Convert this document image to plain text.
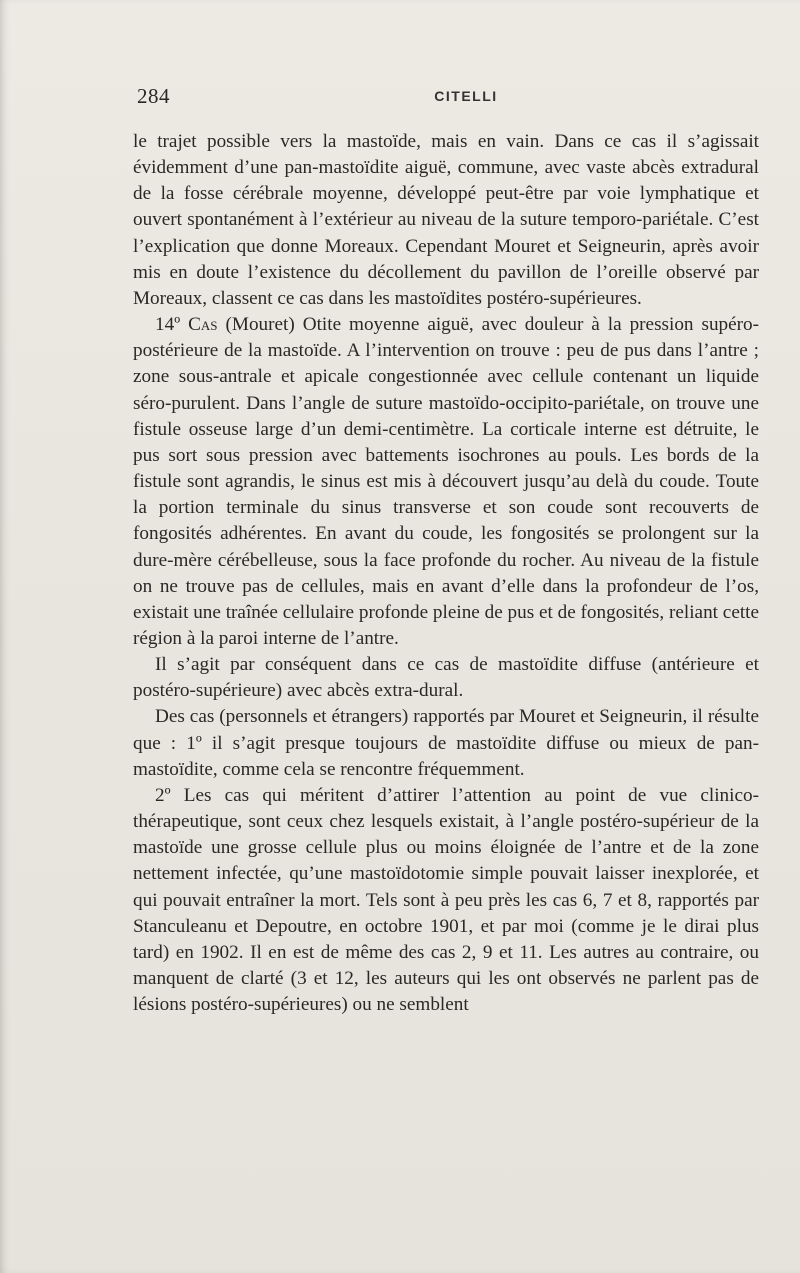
284	CITELLI

le trajet possible vers la mastoïde, mais en vain. Dans ce cas il s’agissait évidemment d’une pan-mastoïdite aiguë, commune, avec vaste abcès extradural de la fosse cérébrale moyenne, développé peut-être par voie lymphatique et ouvert spontanément à l’extérieur au niveau de la suture temporo-pariétale. C’est l’explication que donne Moreaux. Cependant Mouret et Seigneurin, après avoir mis en doute l’existence du décollement du pavillon de l’oreille observé par Moreaux, classent ce cas dans les mastoïdites postéro-supérieures.

14º Cas (Mouret) Otite moyenne aiguë, avec douleur à la pression supéro-postérieure de la mastoïde. A l’intervention on trouve : peu de pus dans l’antre ; zone sous-antrale et apicale congestionnée avec cellule contenant un liquide séro-purulent. Dans l’angle de suture mastoïdo-occipito-pariétale, on trouve une fistule osseuse large d’un demi-centimètre. La corticale interne est détruite, le pus sort sous pression avec battements isochrones au pouls. Les bords de la fistule sont agrandis, le sinus est mis à découvert jusqu’au delà du coude. Toute la portion terminale du sinus transverse et son coude sont recouverts de fongosités adhérentes. En avant du coude, les fongosités se prolongent sur la dure-mère cérébelleuse, sous la face profonde du rocher. Au niveau de la fistule on ne trouve pas de cellules, mais en avant d’elle dans la profondeur de l’os, existait une traînée cellulaire profonde pleine de pus et de fongosités, reliant cette région à la paroi interne de l’antre.

Il s’agit par conséquent dans ce cas de mastoïdite diffuse (antérieure et postéro-supérieure) avec abcès extra-dural.

Des cas (personnels et étrangers) rapportés par Mouret et Seigneurin, il résulte que : 1º il s’agit presque toujours de mastoïdite diffuse ou mieux de pan-mastoïdite, comme cela se rencontre fréquemment.

2º Les cas qui méritent d’attirer l’attention au point de vue clinico-thérapeutique, sont ceux chez lesquels existait, à l’angle postéro-supérieur de la mastoïde une grosse cellule plus ou moins éloignée de l’antre et de la zone nettement infectée, qu’une mastoïdotomie simple pouvait laisser inexplorée, et qui pouvait entraîner la mort. Tels sont à peu près les cas 6, 7 et 8, rapportés par Stanculeanu et Depoutre, en octobre 1901, et par moi (comme je le dirai plus tard) en 1902. Il en est de même des cas 2, 9 et 11. Les autres au contraire, ou manquent de clarté (3 et 12, les auteurs qui les ont observés ne parlent pas de lésions postéro-supérieures) ou ne semblent
